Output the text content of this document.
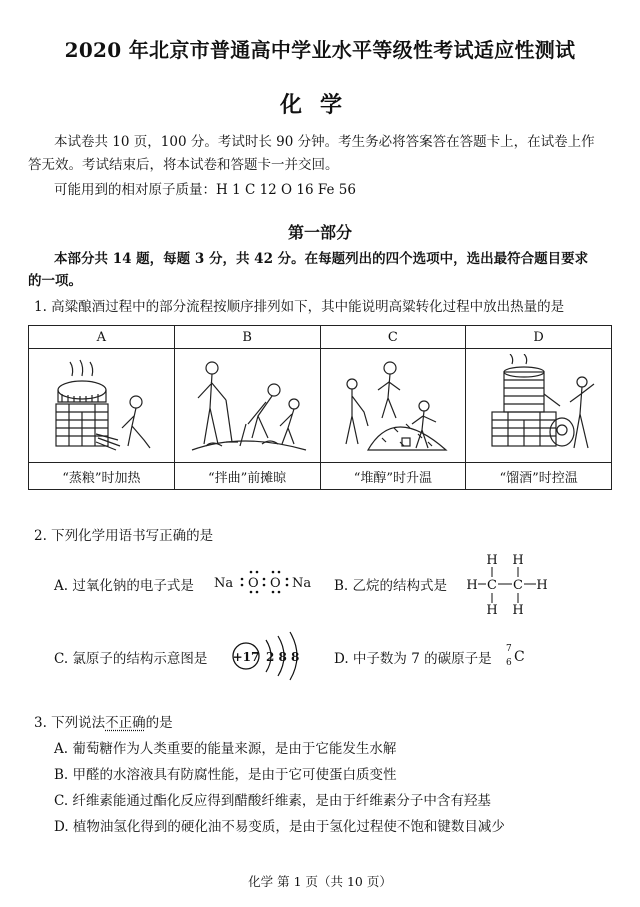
2020 年北京市普通高中学业水平等级性考试适应性测试
化学
本试卷共 10 页，100 分。考试时长 90 分钟。考生务必将答案答在答题卡上，在试卷上作
答无效。考试结束后，将本试卷和答题卡一并交回。
可能用到的相对原子质量：H 1 C 12 O 16 Fe 56
第一部分
本部分共 14 题，每题 3 分，共 42 分。在每题列出的四个选项中，选出最符合题目要求
的一项。
1. 高粱酿酒过程中的部分流程按顺序排列如下，其中能说明高粱转化过程中放出热量的是
A	B	C	D

“蒸粮”时加热	“拌曲”前摊晾	“堆醇”时升温	“馏酒”时控温
2. 下列化学用语书写正确的是
A. 过氧化钠的电子式是 Na O O Na B. 乙烷的结构式是
H H
H C C H
H H
C. 氯原子的结构示意图是 +17 2 8 8	D. 中子数为 7 的碳原子是
7
6 C
3. 下列说法不正确的是
A. 葡萄糖作为人类重要的能量来源，是由于它能发生水解
B. 甲醛的水溶液具有防腐性能，是由于它可使蛋白质变性
C. 纤维素能通过酯化反应得到醋酸纤维素，是由于纤维素分子中含有羟基
D. 植物油氢化得到的硬化油不易变质，是由于氢化过程使不饱和键数目减少
化学 第 1 页（共 10 页）
